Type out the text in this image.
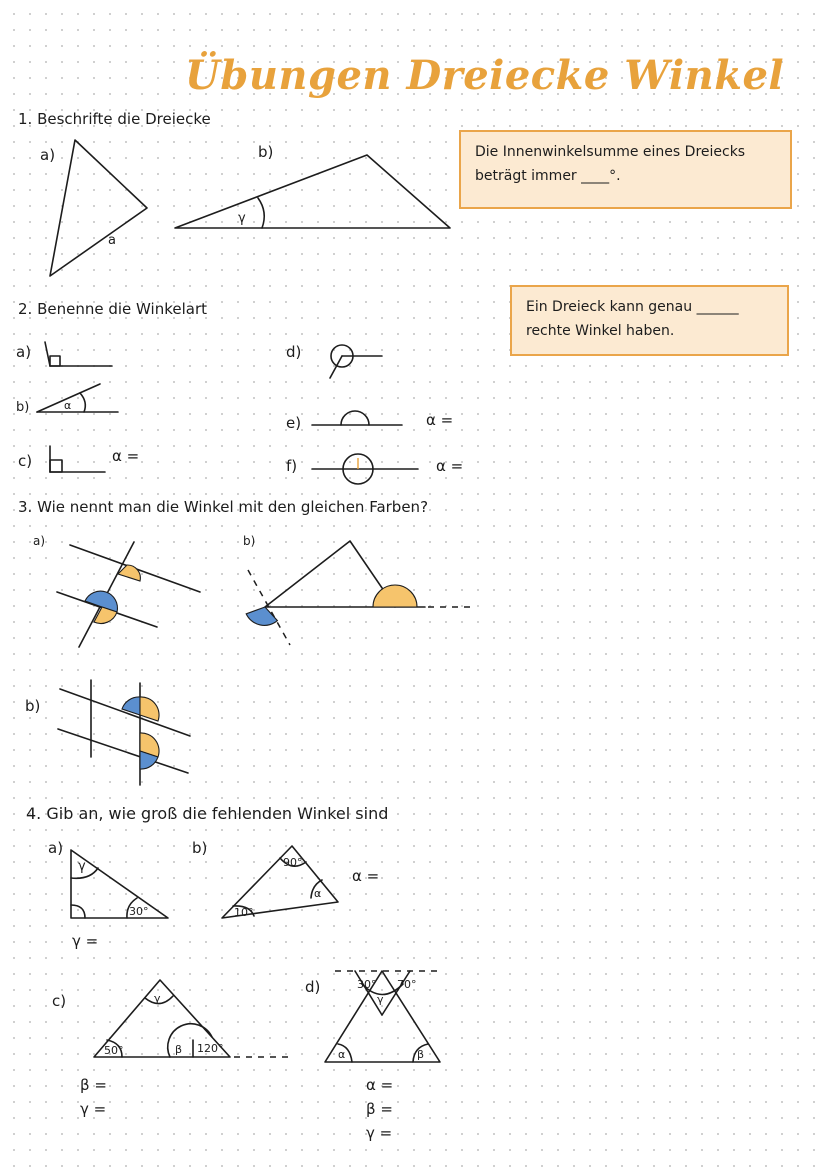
Übungen Dreiecke Winkel
1. Beschrifte die Dreiecke
a)	b)	Die Innenwinkelsumme eines Dreiecks
beträgt immer ____°.
2. Benenne die Winkelart	Ein Dreieck kann genau ______
rechte Winkel haben.
a)
b)
c)
d)
e)
f)
α =
α =
α =
3. Wie nennt man die Winkel mit den gleichen Farben?
a)	b)
b)
4. Gib an, wie groß die fehlenden Winkel sind
a)	b)
c)
d)
α =
γ =
β =
γ =
α =
β =
γ =
a
γ
α
γ
30°
90°
10°
α
γ
50°	β 120°
30° 70°
γ
α	β
